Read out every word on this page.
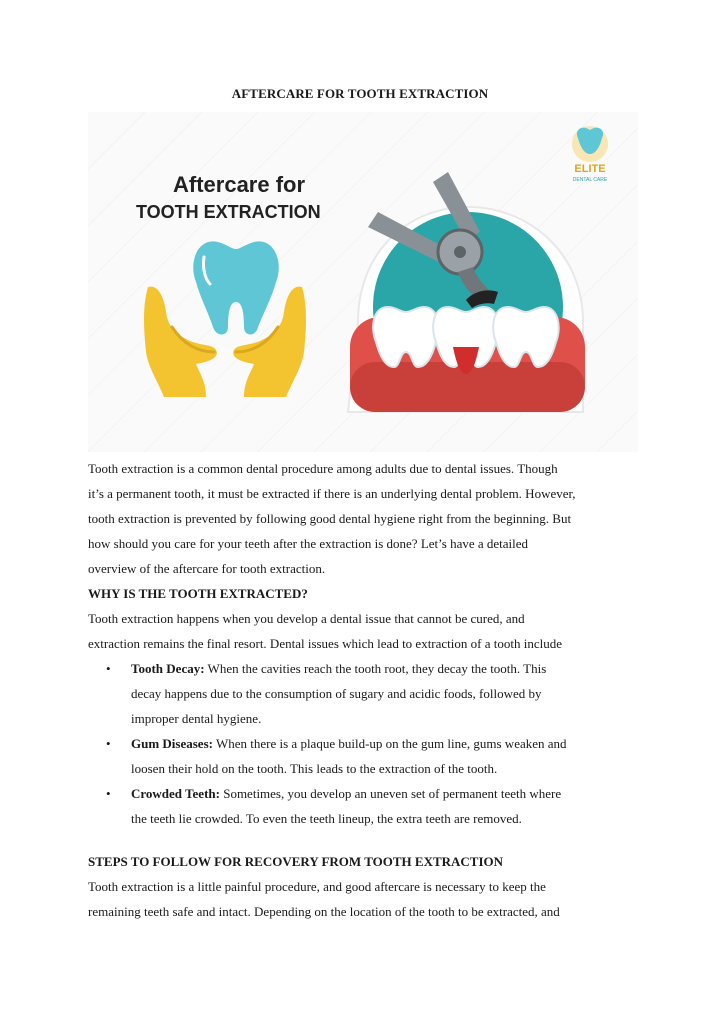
AFTERCARE FOR TOOTH EXTRACTION
Aftercare for
TOOTH EXTRACTION
ELITE
DENTAL CARE
Tooth extraction is a common dental procedure among adults due to dental issues. Though
it’s a permanent tooth, it must be extracted if there is an underlying dental problem. However,
tooth extraction is prevented by following good dental hygiene right from the beginning. But
how should you care for your teeth after the extraction is done? Let’s have a detailed
overview of the aftercare for tooth extraction.
WHY IS THE TOOTH EXTRACTED?
Tooth extraction happens when you develop a dental issue that cannot be cured, and
extraction remains the final resort. Dental issues which lead to extraction of a tooth include
• Tooth Decay: When the cavities reach the tooth root, they decay the tooth. This
decay happens due to the consumption of sugary and acidic foods, followed by
improper dental hygiene.
• Gum Diseases: When there is a plaque build-up on the gum line, gums weaken and
loosen their hold on the tooth. This leads to the extraction of the tooth.
• Crowded Teeth: Sometimes, you develop an uneven set of permanent teeth where
the teeth lie crowded. To even the teeth lineup, the extra teeth are removed.
STEPS TO FOLLOW FOR RECOVERY FROM TOOTH EXTRACTION
Tooth extraction is a little painful procedure, and good aftercare is necessary to keep the
remaining teeth safe and intact. Depending on the location of the tooth to be extracted, and
